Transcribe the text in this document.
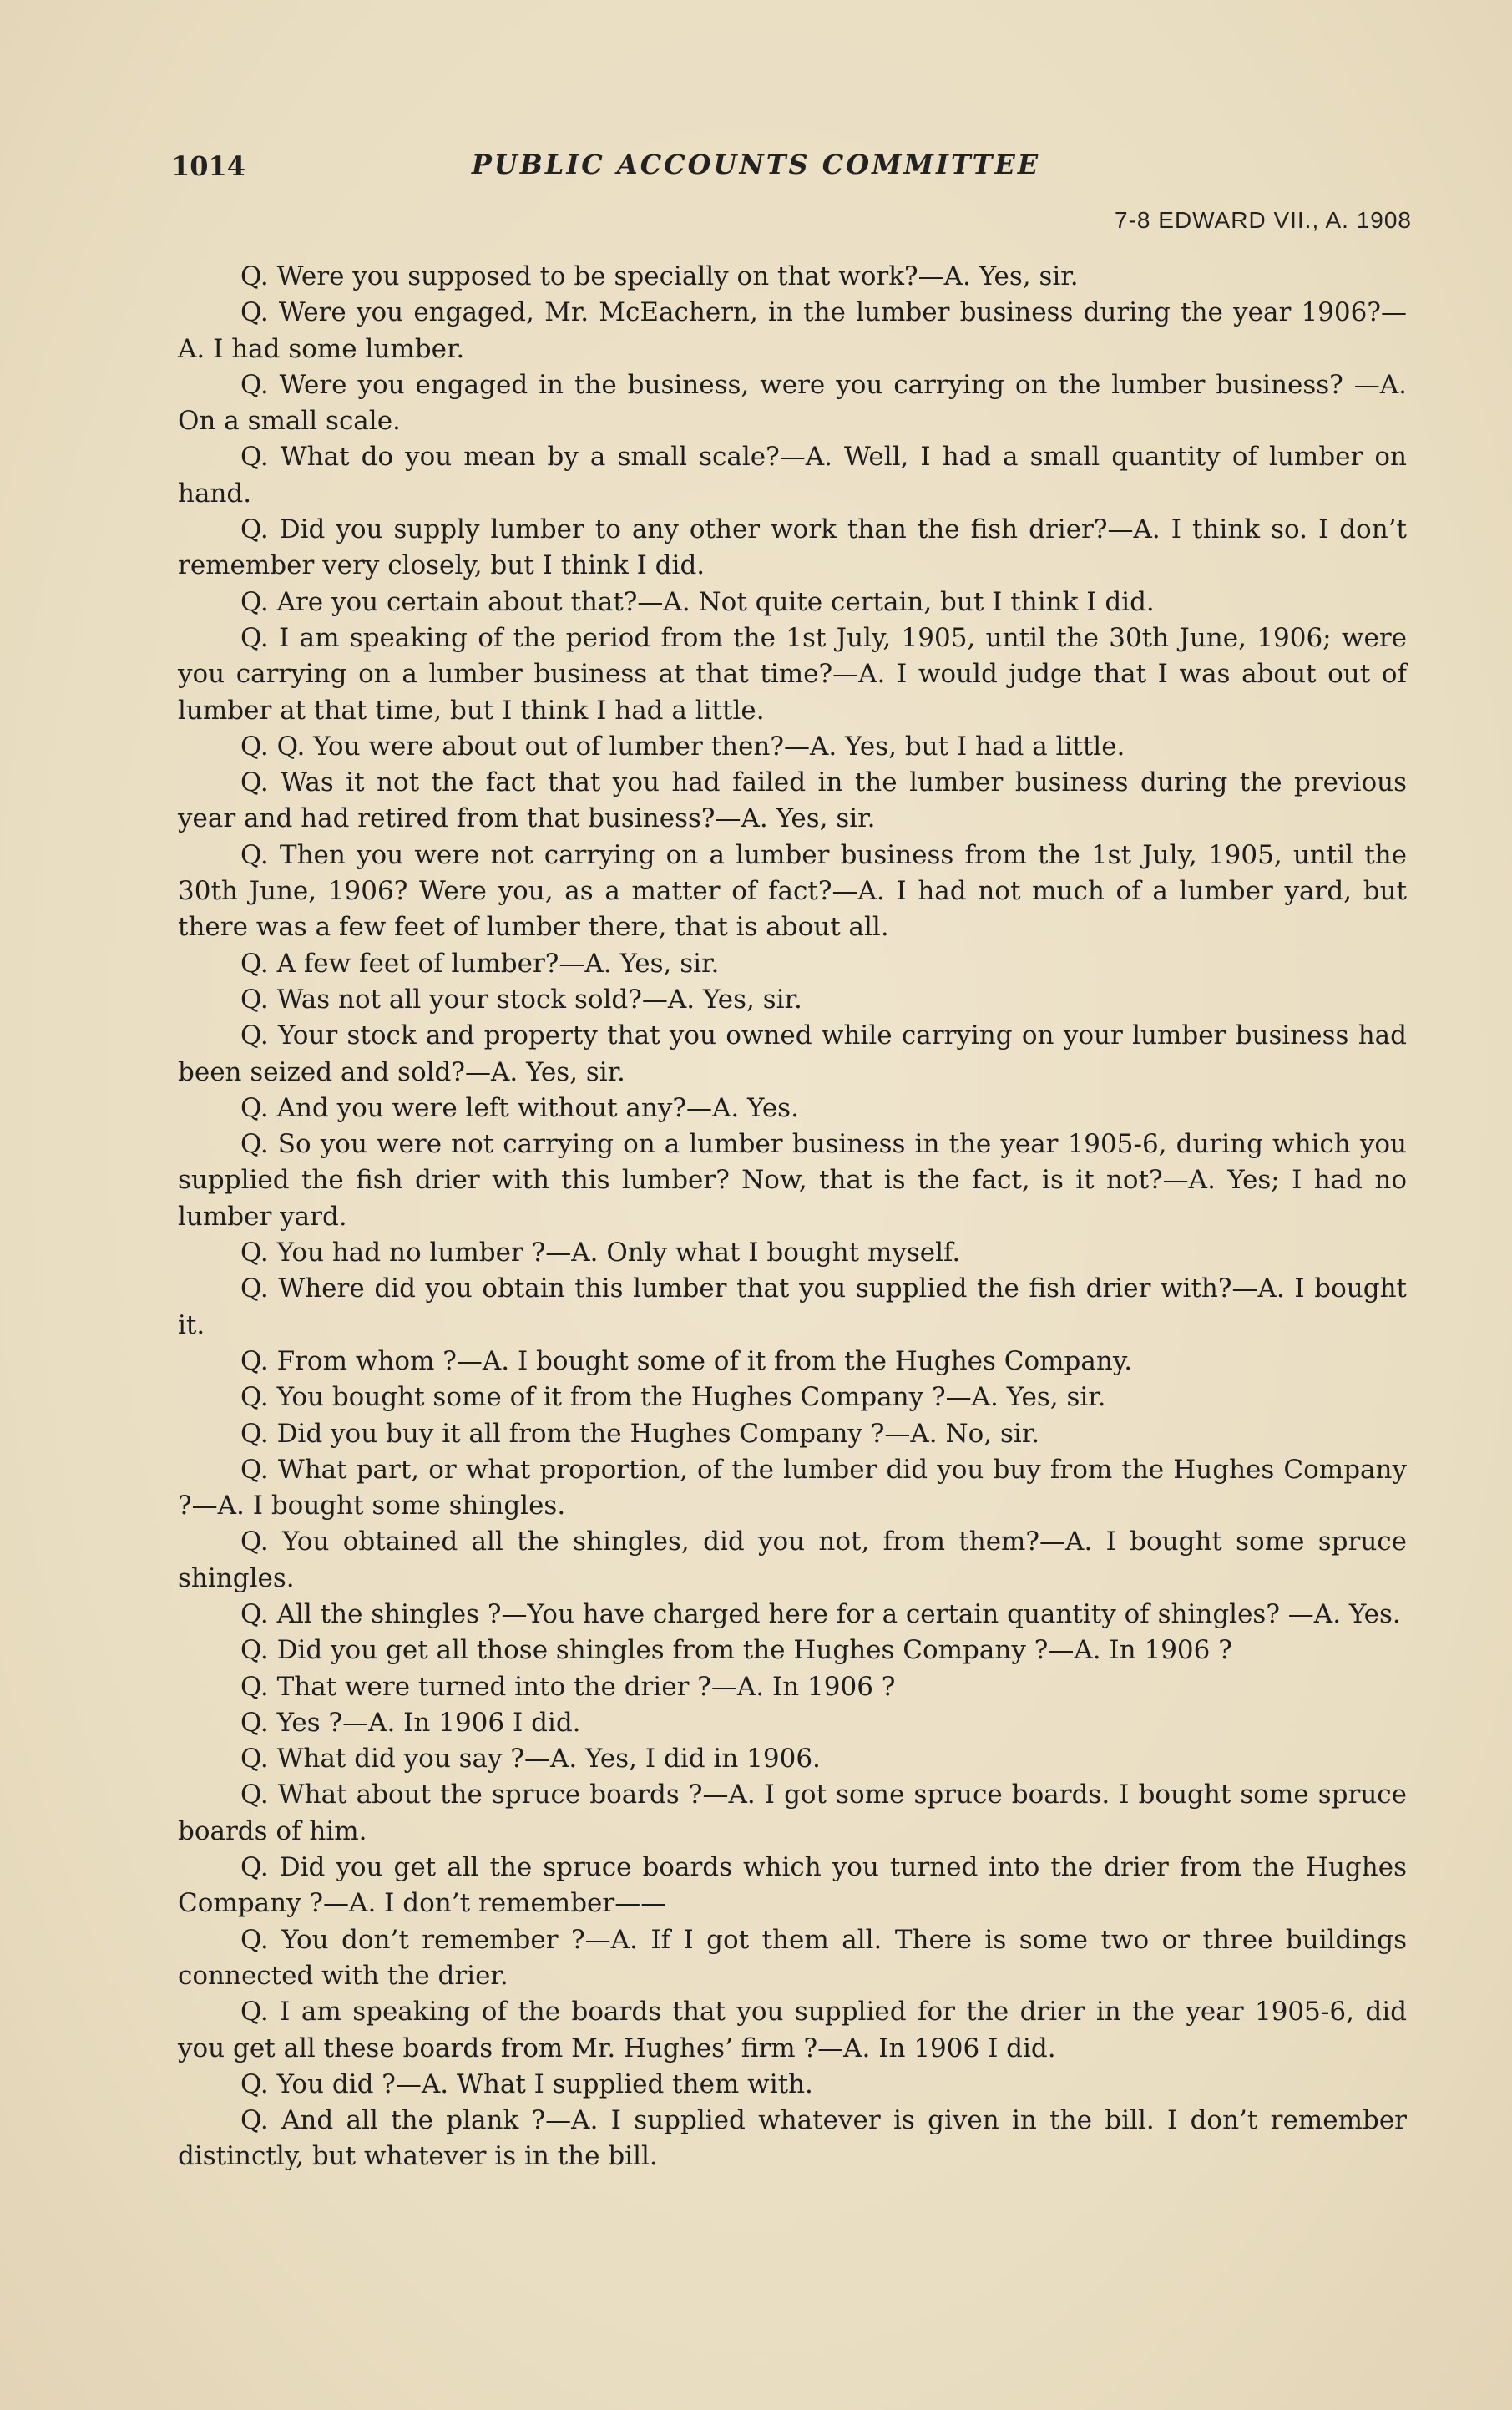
1014	PUBLIC ACCOUNTS COMMITTEE
7-8 EDWARD VII., A. 1908

Q. Were you supposed to be specially on that work?—A. Yes, sir.

Q. Were you engaged, Mr. McEachern, in the lumber business during the year 1906?—A. I had some lumber.

Q. Were you engaged in the business, were you carrying on the lumber business? —A. On a small scale.

Q. What do you mean by a small scale?—A. Well, I had a small quantity of lumber on hand.

Q. Did you supply lumber to any other work than the fish drier?—A. I think so. I don’t remember very closely, but I think I did.

Q. Are you certain about that?—A. Not quite certain, but I think I did.

Q. I am speaking of the period from the 1st July, 1905, until the 30th June, 1906; were you carrying on a lumber business at that time?—A. I would judge that I was about out of lumber at that time, but I think I had a little.

Q. Q. You were about out of lumber then?—A. Yes, but I had a little.

Q. Was it not the fact that you had failed in the lumber business during the previous year and had retired from that business?—A. Yes, sir.

Q. Then you were not carrying on a lumber business from the 1st July, 1905, until the 30th June, 1906? Were you, as a matter of fact?—A. I had not much of a lumber yard, but there was a few feet of lumber there, that is about all.

Q. A few feet of lumber?—A. Yes, sir.

Q. Was not all your stock sold?—A. Yes, sir.

Q. Your stock and property that you owned while carrying on your lumber business had been seized and sold?—A. Yes, sir.

Q. And you were left without any?—A. Yes.

Q. So you were not carrying on a lumber business in the year 1905-6, during which you supplied the fish drier with this lumber? Now, that is the fact, is it not?—A. Yes; I had no lumber yard.

Q. You had no lumber ?—A. Only what I bought myself.

Q. Where did you obtain this lumber that you supplied the fish drier with?—A. I bought it.

Q. From whom ?—A. I bought some of it from the Hughes Company.

Q. You bought some of it from the Hughes Company ?—A. Yes, sir.

Q. Did you buy it all from the Hughes Company ?—A. No, sir.

Q. What part, or what proportion, of the lumber did you buy from the Hughes Company ?—A. I bought some shingles.

Q. You obtained all the shingles, did you not, from them?—A. I bought some spruce shingles.

Q. All the shingles ?—You have charged here for a certain quantity of shingles? —A. Yes.

Q. Did you get all those shingles from the Hughes Company ?—A. In 1906 ?

Q. That were turned into the drier ?—A. In 1906 ?

Q. Yes ?—A. In 1906 I did.

Q. What did you say ?—A. Yes, I did in 1906.

Q. What about the spruce boards ?—A. I got some spruce boards. I bought some spruce boards of him.

Q. Did you get all the spruce boards which you turned into the drier from the Hughes Company ?—A. I don’t remember——

Q. You don’t remember ?—A. If I got them all. There is some two or three buildings connected with the drier.

Q. I am speaking of the boards that you supplied for the drier in the year 1905-6, did you get all these boards from Mr. Hughes’ firm ?—A. In 1906 I did.

Q. You did ?—A. What I supplied them with.

Q. And all the plank ?—A. I supplied whatever is given in the bill. I don’t remember distinctly, but whatever is in the bill.
